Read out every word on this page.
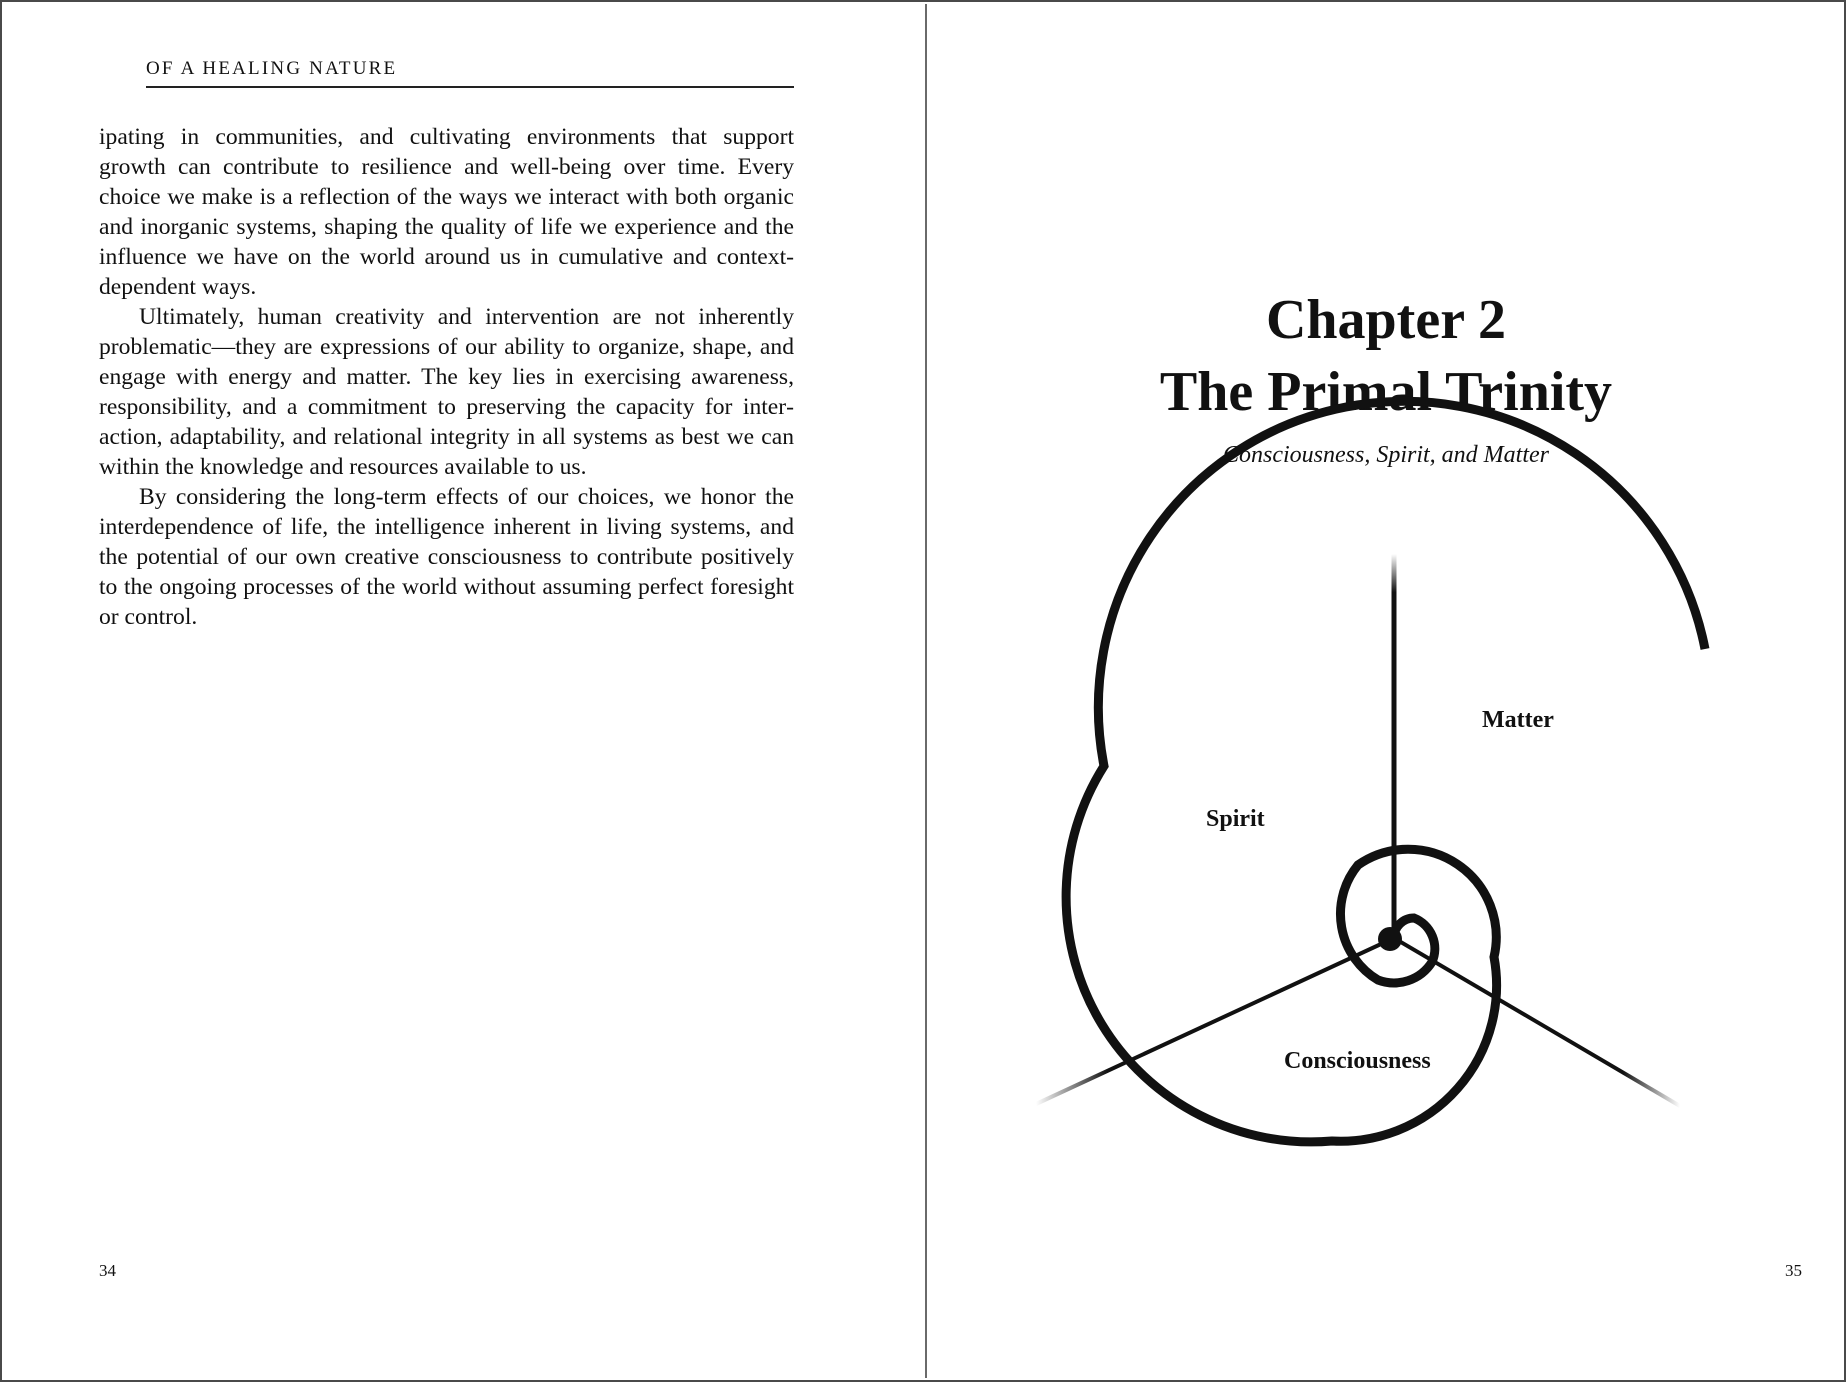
OF A HEALING NATURE

ipating in communities, and cultivating environments that support growth can contribute to resilience and well-being over time. Every choice we make is a reflection of the ways we interact with both organic and inorganic systems, shaping the quality of life we experience and the influence we have on the world around us in cumulative and context-dependent ways.

Ultimately, human creativity and intervention are not inherently problematic—they are expressions of our ability to organize, shape, and engage with energy and matter. The key lies in exercising awareness, responsibility, and a commitment to preserving the capacity for interaction, adaptability, and relational integrity in all systems as best we can within the knowledge and resources available to us.

By considering the long-term effects of our choices, we honor the interdependence of life, the intelligence inherent in living systems, and the potential of our own creative consciousness to contribute positively to the ongoing processes of the world without assuming perfect foresight or control.

34
Chapter 2
The Primal Trinity
Consciousness, Spirit, and Matter
Matter
Spirit
Consciousness
35
